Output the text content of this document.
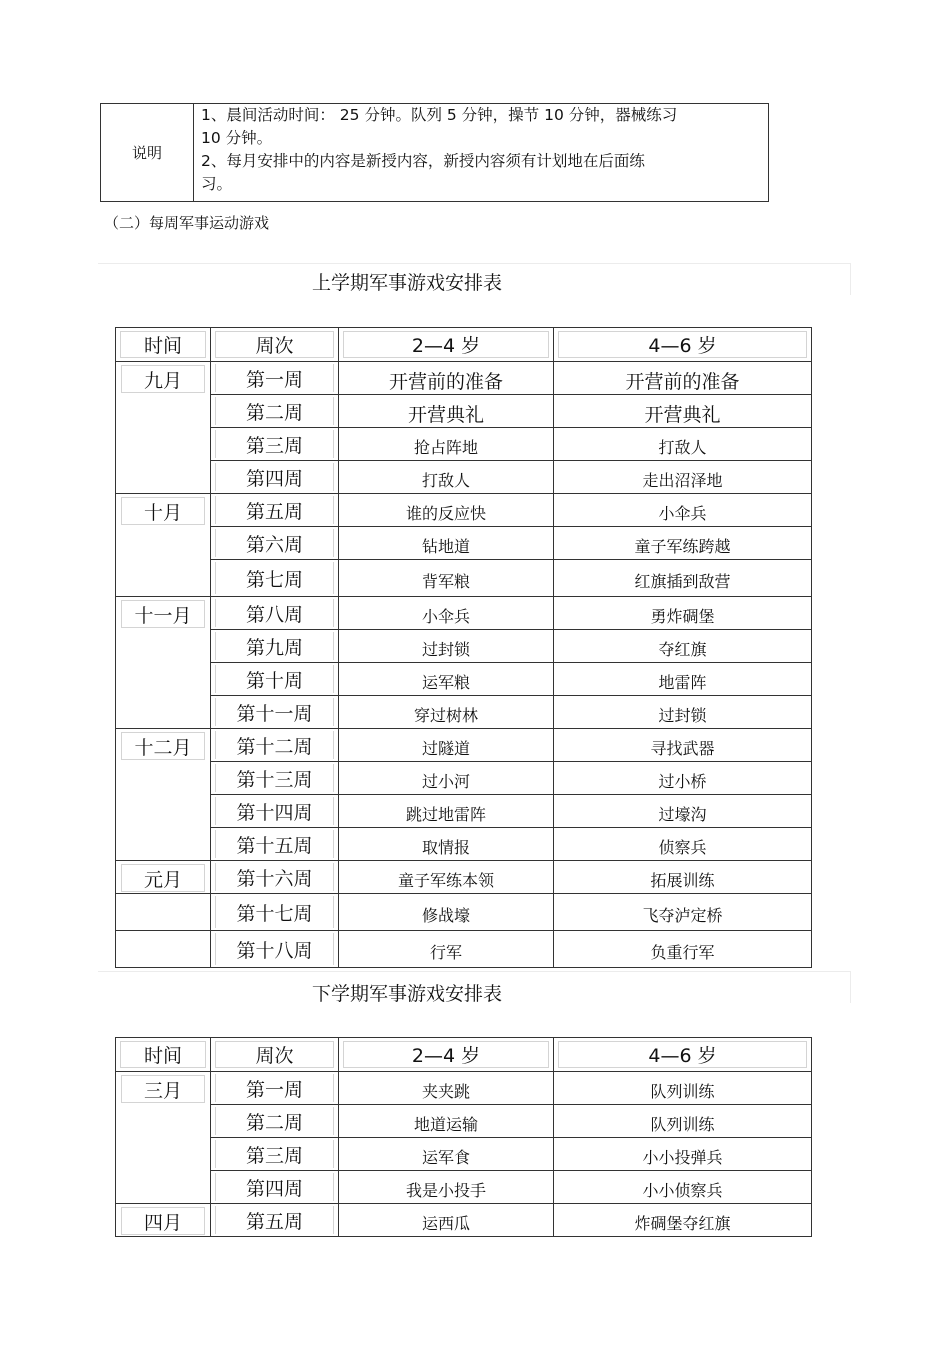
说明
1、晨间活动时间： 25 分钟。队列 5 分钟，操节 10 分钟，器械练习
10 分钟。
2、每月安排中的内容是新授内容，新授内容须有计划地在后面练
习。
（二）每周军事运动游戏
上学期军事游戏安排表
时间	周次	2—4 岁	4—6 岁

九月	第一周	开营前的准备	开营前的准备

第二周	开营典礼	开营典礼

第三周	抢占阵地	打敌人

第四周	打敌人	走出沼泽地

十月	第五周	谁的反应快	小伞兵

第六周	钻地道	童子军练跨越

第七周	背军粮	红旗插到敌营

十一月	第八周	小伞兵	勇炸碉堡

第九周	过封锁	夺红旗

第十周	运军粮	地雷阵

第十一周	穿过树林	过封锁

十二月	第十二周	过隧道	寻找武器

第十三周	过小河	过小桥

第十四周	跳过地雷阵	过壕沟

第十五周	取情报	侦察兵

元月	第十六周	童子军练本领	拓展训练

第十七周	修战壕	飞夺泸定桥

第十八周	行军	负重行军
下学期军事游戏安排表
时间	周次	2—4 岁	4—6 岁

三月	第一周	夹夹跳	队列训练

第二周	地道运输	队列训练

第三周	运军食	小小投弹兵

第四周	我是小投手	小小侦察兵

四月	第五周	运西瓜	炸碉堡夺红旗
